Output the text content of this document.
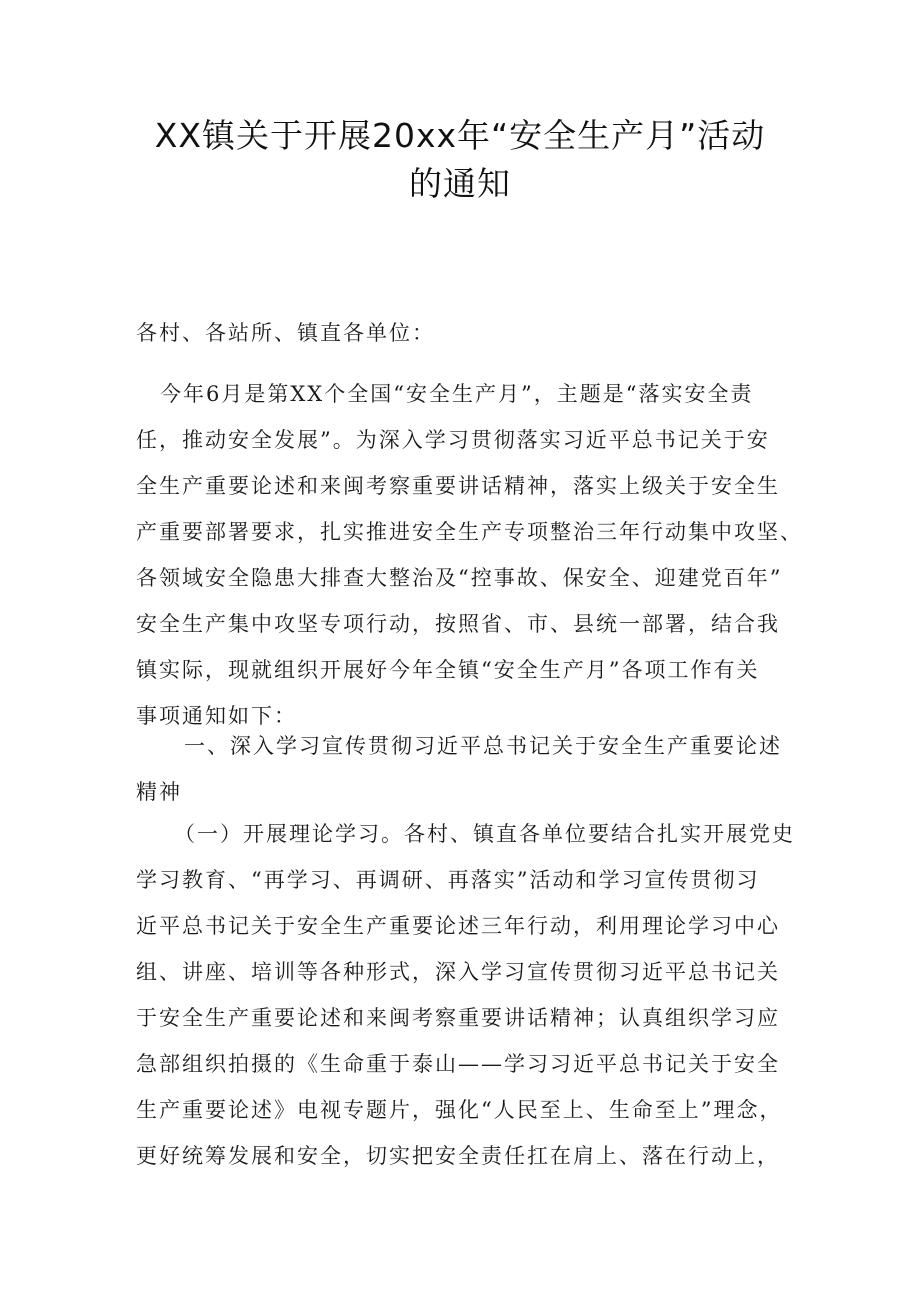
XX镇关于开展20xx年“安全生产月”活动
的通知
各村、各站所、镇直各单位：
今年6月是第XX个全国“安全生产月”，主题是“落实安全责
任，推动安全发展”。为深入学习贯彻落实习近平总书记关于安
全生产重要论述和来闽考察重要讲话精神，落实上级关于安全生
产重要部署要求，扎实推进安全生产专项整治三年行动集中攻坚、
各领域安全隐患大排查大整治及“控事故、保安全、迎建党百年”
安全生产集中攻坚专项行动，按照省、市、县统一部署，结合我
镇实际，现就组织开展好今年全镇“安全生产月”各项工作有关
事项通知如下：
一、深入学习宣传贯彻习近平总书记关于安全生产重要论述
精神
（一）开展理论学习。各村、镇直各单位要结合扎实开展党史
学习教育、“再学习、再调研、再落实”活动和学习宣传贯彻习
近平总书记关于安全生产重要论述三年行动，利用理论学习中心
组、讲座、培训等各种形式，深入学习宣传贯彻习近平总书记关
于安全生产重要论述和来闽考察重要讲话精神；认真组织学习应
急部组织拍摄的《生命重于泰山——学习习近平总书记关于安全
生产重要论述》电视专题片，强化“人民至上、生命至上”理念，
更好统筹发展和安全，切实把安全责任扛在肩上、落在行动上，
